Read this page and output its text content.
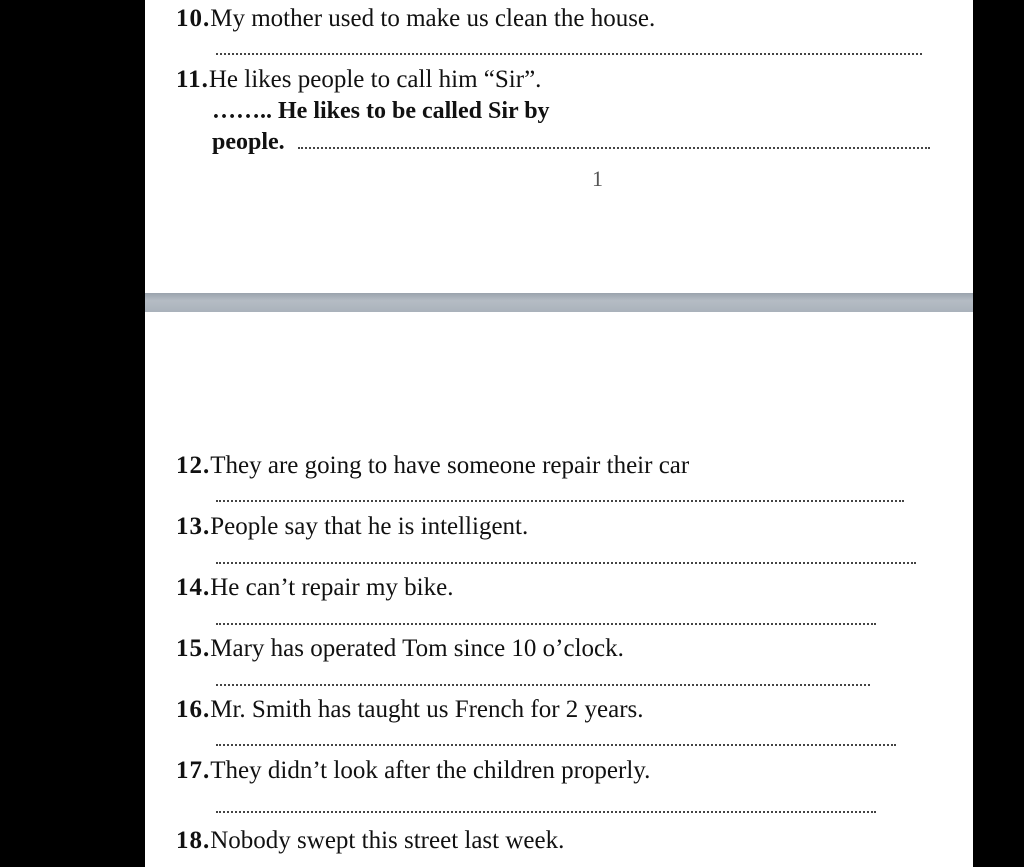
10.My mother used to make us clean the house.
11.He likes people to call him “Sir”.
…….. He likes to be called Sir by
people.
1
12.They are going to have someone repair their car
13.People say that he is intelligent.
14.He can’t repair my bike.
15.Mary has operated Tom since 10 o’clock.
16.Mr. Smith has taught us French for 2 years.
17.They didn’t look after the children properly.
18.Nobody swept this street last week.
